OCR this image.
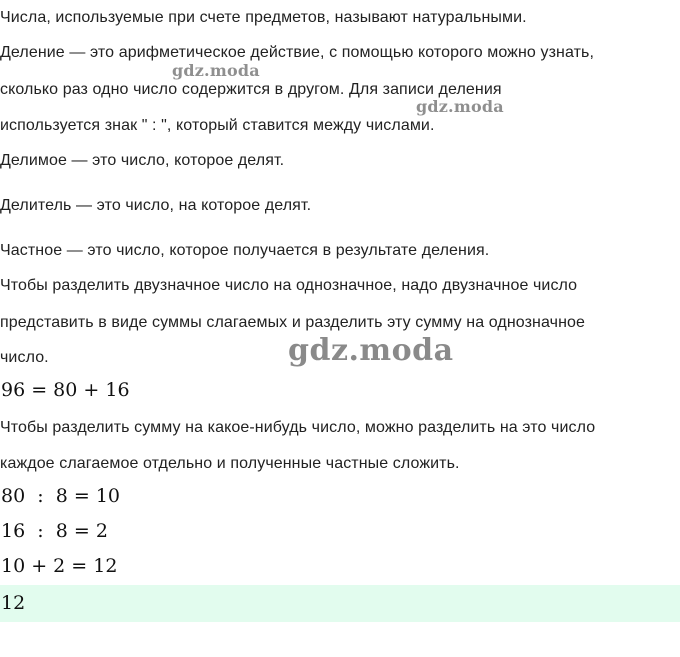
Числа, используемые при счете предметов, называют натуральными.
Деление — это арифметическое действие, с помощью которого можно узнать,
сколько раз одно число содержится в другом. Для записи деления
используется знак " : ", который ставится между числами.
Делимое — это число, которое делят.
Делитель — это число, на которое делят.
Частное — это число, которое получается в результате деления.
Чтобы разделить двузначное число на однозначное, надо двузначное число
представить в виде суммы слагаемых и разделить эту сумму на однозначное
число.
96 = 80 + 16
Чтобы разделить сумму на какое-нибудь число, можно разделить на это число
каждое слагаемое отдельно и полученные частные сложить.
80  :  8 = 10
16  :  8 = 2
10 + 2 = 12
12
gdz.moda
gdz.moda
gdz.moda
